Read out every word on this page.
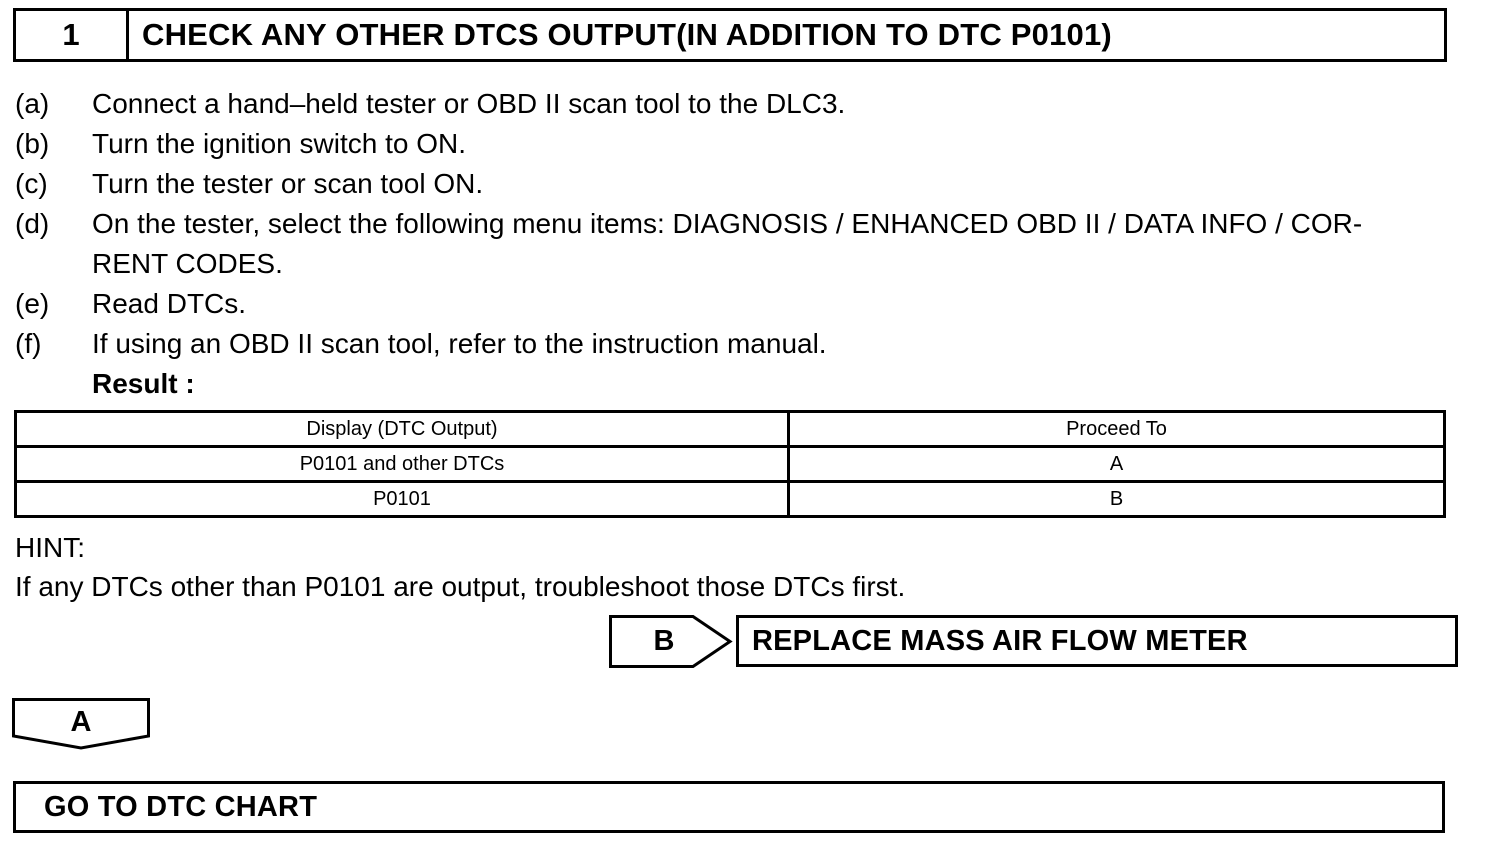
1	CHECK ANY OTHER DTCS OUTPUT(IN ADDITION TO DTC P0101)
(a)	Connect a hand–held tester or OBD II scan tool to the DLC3.
(b)	Turn the ignition switch to ON.
(c)	Turn the tester or scan tool ON.
(d)	On the tester, select the following menu items: DIAGNOSIS / ENHANCED OBD II / DATA INFO / COR-
RENT CODES.
(e)	Read DTCs.
(f)	If using an OBD II scan tool, refer to the instruction manual.
Result :
Display (DTC Output)	Proceed To
P0101 and other DTCs	A
P0101	B
HINT:
If any DTCs other than P0101 are output, troubleshoot those DTCs first.
B	REPLACE MASS AIR FLOW METER
A
GO TO DTC CHART
